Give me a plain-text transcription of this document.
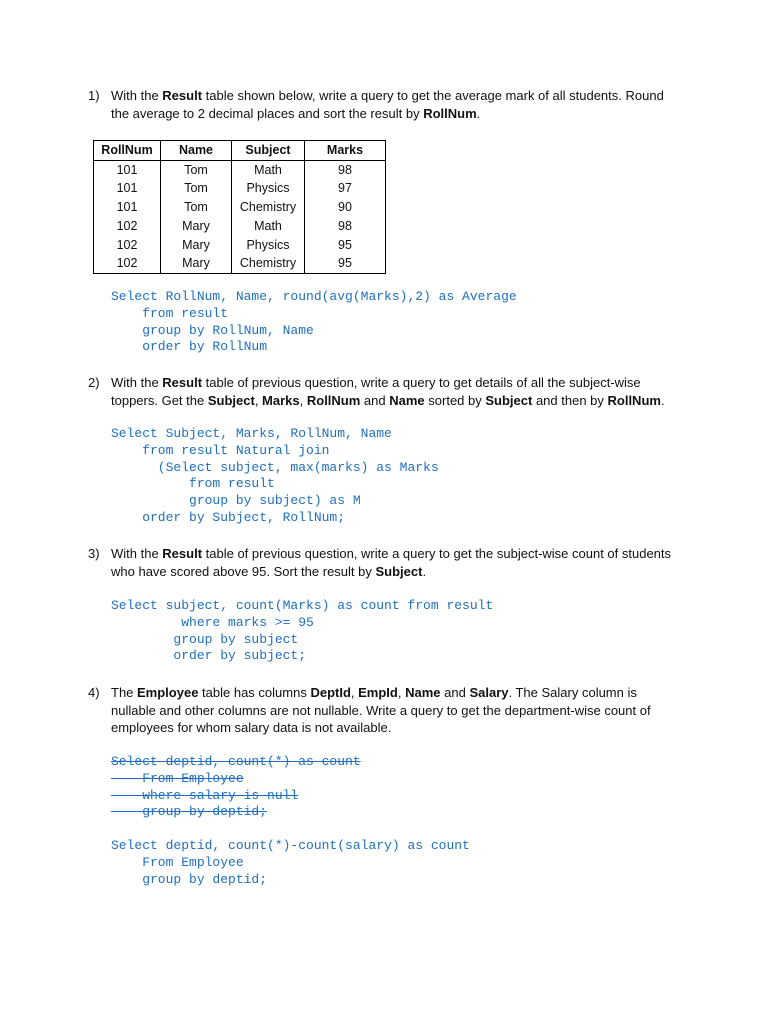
1) With the Result table shown below, write a query to get the average mark of all students. Round the average to 2 decimal places and sort the result by RollNum.
RollNum	Name	Subject	Marks
101	Tom	Math	98
101	Tom	Physics	97
101	Tom	Chemistry	90
102	Mary	Math	98
102	Mary	Physics	95
102	Mary	Chemistry	95
Select RollNum, Name, round(avg(Marks),2) as Average
from result
group by RollNum, Name
order by RollNum
2) With the Result table of previous question, write a query to get details of all the subject-wise toppers. Get the Subject, Marks, RollNum and Name sorted by Subject and then by RollNum.
Select Subject, Marks, RollNum, Name
from result Natural join
(Select subject, max(marks) as Marks
from result
group by subject) as M
order by Subject, RollNum;
3) With the Result table of previous question, write a query to get the subject-wise count of students who have scored above 95. Sort the result by Subject.
Select subject, count(Marks) as count from result
where marks >= 95
group by subject
order by subject;
4) The Employee table has columns DeptId, EmpId, Name and Salary. The Salary column is nullable and other columns are not nullable. Write a query to get the department-wise count of employees for whom salary data is not available.
Select deptid, count(*) as count
From Employee
where salary is null
group by deptid;
Select deptid, count(*)-count(salary) as count
From Employee
group by deptid;
